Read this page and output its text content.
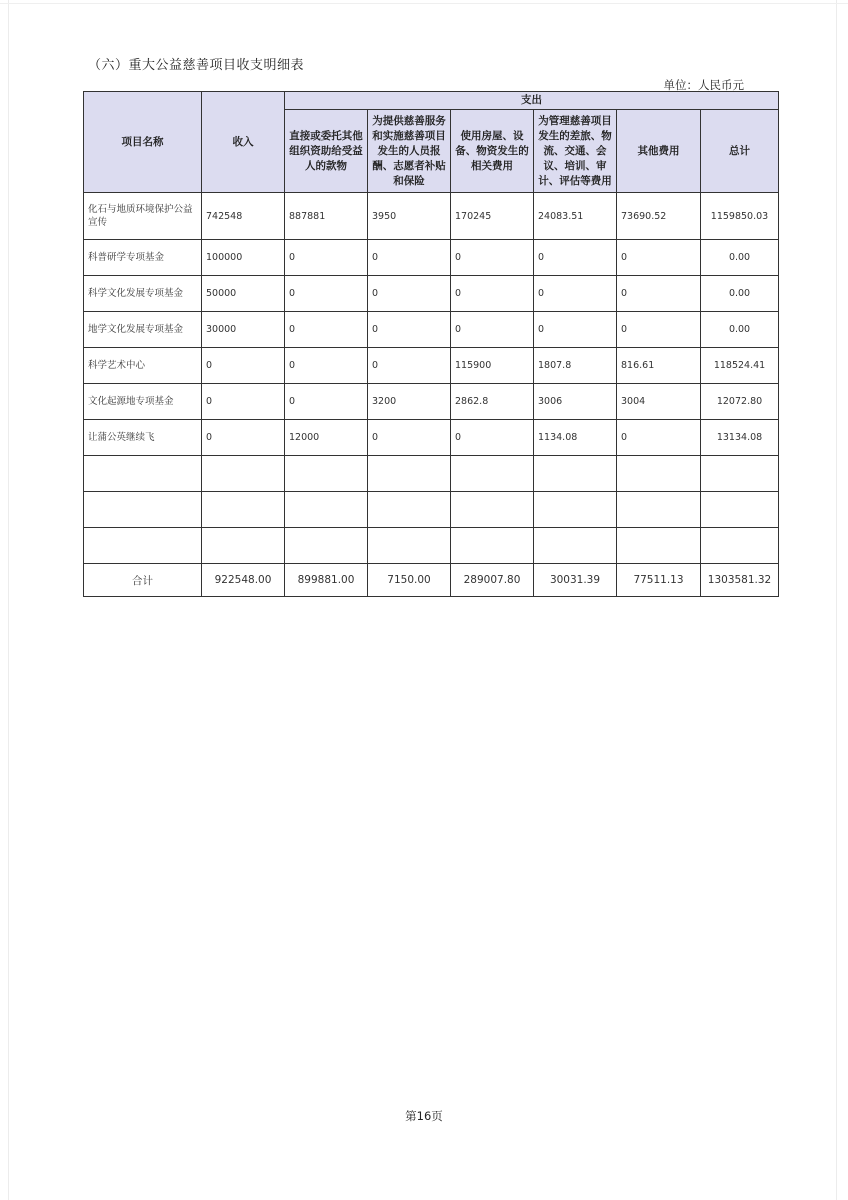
（六）重大公益慈善项目收支明细表
单位：人民币元
项目名称	收入	支出					
		直接或委托其他组织资助给受益人的款物	为提供慈善服务和实施慈善项目发生的人员报酬、志愿者补贴和保险	使用房屋、设备、物资发生的相关费用	为管理慈善项目发生的差旅、物流、交通、会议、培训、审计、评估等费用	其他费用	总计
化石与地质环境保护公益宣传	742548	887881	3950	170245	24083.51	73690.52	1159850.03
科普研学专项基金	100000	0	0	0	0	0	0.00
科学文化发展专项基金	50000	0	0	0	0	0	0.00
地学文化发展专项基金	30000	0	0	0	0	0	0.00
科学艺术中心	0	0	0	115900	1807.8	816.61	118524.41
文化起源地专项基金	0	0	3200	2862.8	3006	3004	12072.80
让蒲公英继续飞	0	12000	0	0	1134.08	0	13134.08

合计	922548.00	899881.00	7150.00	289007.80	30031.39	77511.13	1303581.32
第16页
